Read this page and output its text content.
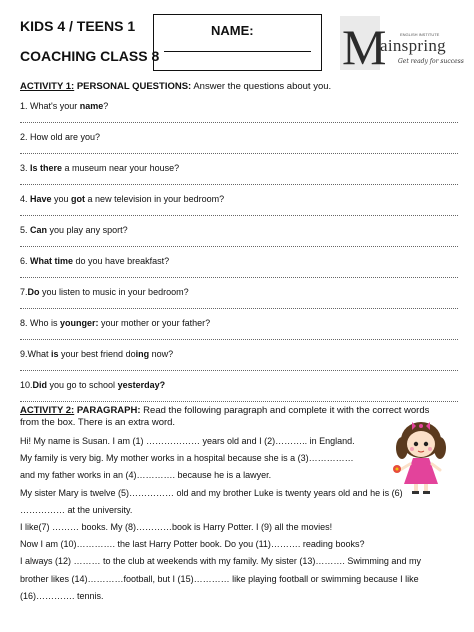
KIDS 4 / TEENS 1
COACHING CLASS 8
NAME: M	ENGLISH INSTITUTE
ainspring
Get ready for success
ACTIVITY 1: PERSONAL QUESTIONS: Answer the questions about you.
1. What's your name?
2. How old are you?
3. Is there a museum near your house?
4. Have you got a new television in your bedroom?
5. Can you play any sport?
6. What time do you have breakfast?
7.Do you listen to music in your bedroom?
8. Who is younger: your mother or your father?
9.What is your best friend doing now?
10.Did you go to school yesterday?
ACTIVITY 2: PARAGRAPH: Read the following paragraph and complete it with the correct words
from the box. There is an extra word.
Hi! My name is Susan. I am (1) ……………… years old and I (2)……….. in England.
My family is very big. My mother works in a hospital because she is a (3)……………
and my father works in an (4)…………. because he is a lawyer.
My sister Mary is twelve (5)…………… old and my brother Luke is twenty years old and he is (6)
…………… at the university.
I like(7) ……… books. My (8)…………book is Harry Potter. I (9) all the movies!
Now I am (10)…………. the last Harry Potter book. Do you (11)………. reading books?
I always (12) ……… to the club at weekends with my family. My sister (13)………. Swimming and my
brother likes (14)…………football, but I (15)………… like playing football or swimming because I like
(16)…………. tennis.
